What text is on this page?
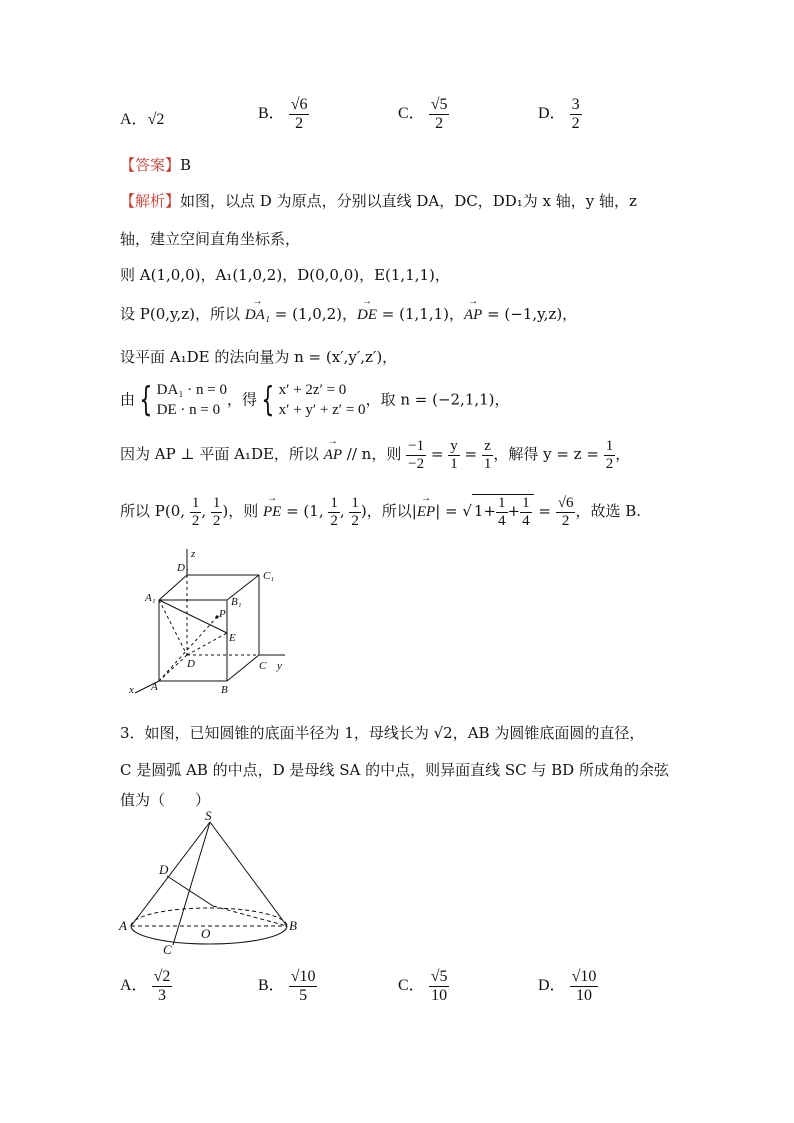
A．√2	B． $\frac{√6}{2}$	C． $\frac{√5}{2}$	D． $\frac{3}{2}$
【答案】B
【解析】如图，以点 D 为原点，分别以直线 DA，DC，DD₁为 x 轴，y 轴，z
轴，建立空间直角坐标系，
则 A(1,0,0)，A₁(1,0,2)，D(0,0,0)，E(1,1,1)，
设 P(0,y,z)，所以 → DA₁ = (1,0,2)，→ DE = (1,1,1)，→ AP = (−1,y,z)，
设平面 A₁DE 的法向量为 n = (x′,y′,z′)，
由 { DA₁ · n = 0
DE · n = 0
，得 { x′ + 2z′ = 0
x′ + y′ + z′ = 0
，取 n = (−2,1,1)，
因为 AP ⊥ 平面 A₁DE，所以 → AP // n，则 $\frac{-1}{-2} = \frac{y}{1} = \frac{z}{1}$ ，解得 $y = z = \frac{1}{2}$ ，
所以 P(0, $\frac{1}{2}$ , $\frac{1}{2}$ )，则 → PE = (1, $\frac{1}{2}$ , $\frac{1}{2}$ )，所以|→ EP| = √ $1+ \frac{1}{4} + \frac{1}{4} = \frac{√6}{2}$ ，故选 B.
D₁
z
C₁
A₁	B₁
P
E
D	C y
A	B
x
3．如图，已知圆锥的底面半径为 1，母线长为 √2，AB 为圆锥底面圆的直径，
C 是圆弧 AB 的中点，D 是母线 SA 的中点，则异面直线 SC 与 BD 所成角的余弦
值为（　　）
S
D
A
O
B
C
A． $\frac{√2}{3}$	B． $\frac{√10}{5}$	C． $\frac{√5}{10}$	D． $\frac{√10}{10}$
